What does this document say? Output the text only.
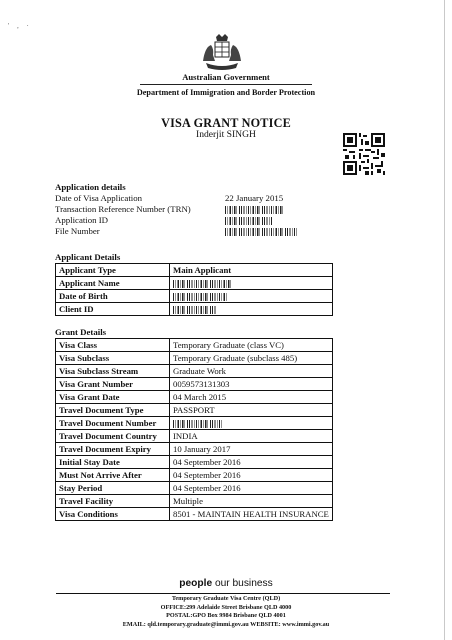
' , ·
Australian Government
Department of Immigration and Border Protection
VISA GRANT NOTICE
Inderjit SINGH
Application details
Date of Visa Application	22 January 2015
Transaction Reference Number (TRN)
Application ID
File Number
Applicant Details
Applicant Type	Main Applicant
Applicant Name	
Date of Birth	
Client ID	
Grant Details
Visa Class	Temporary Graduate (class VC)
Visa Subclass	Temporary Graduate (subclass 485)
Visa Subclass Stream	Graduate Work
Visa Grant Number	0059573131303
Visa Grant Date	04 March 2015
Travel Document Type	PASSPORT
Travel Document Number	
Travel Document Country	INDIA
Travel Document Expiry	10 January 2017
Initial Stay Date	04 September 2016
Must Not Arrive After	04 September 2016
Stay Period	04 September 2016
Travel Facility	Multiple
Visa Conditions	8501 - MAINTAIN HEALTH INSURANCE
people our business
Temporary Graduate Visa Centre (QLD)
OFFICE:299 Adelaide Street Brisbane QLD 4000
POSTAL:GPO Box 9984 Brisbane QLD 4001
EMAIL: qld.temporary.graduate@immi.gov.au WEBSITE: www.immi.gov.au
